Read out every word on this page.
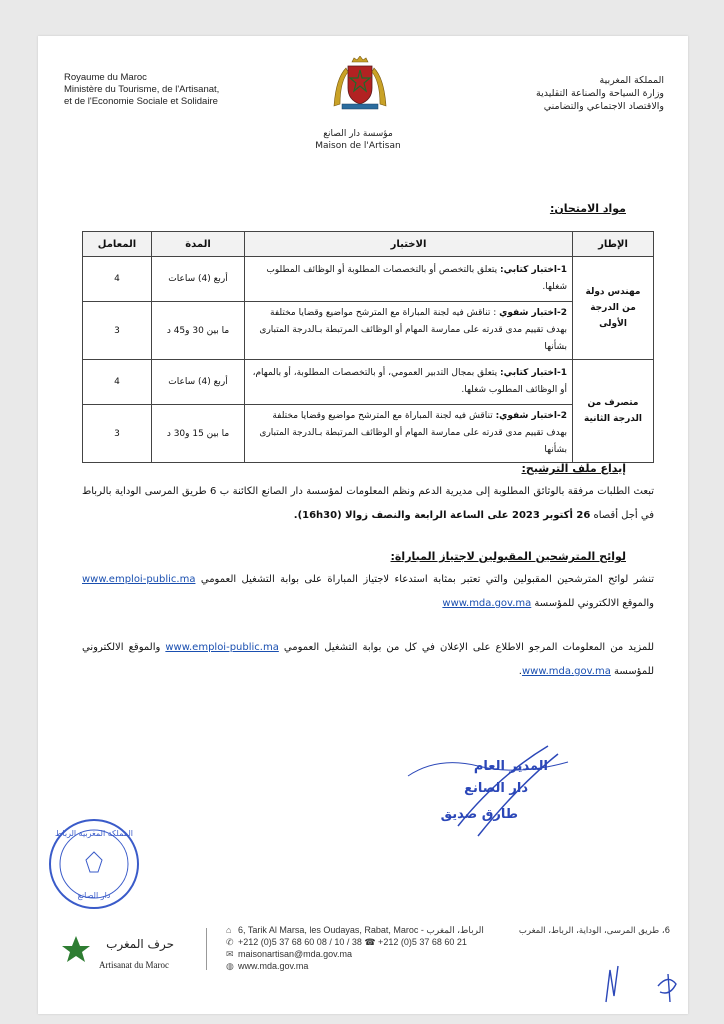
Royaume du Maroc
Ministère du Tourisme, de l'Artisanat,
et de l'Economie Sociale et Solidaire
المملكة المغربية
وزارة السياحة والصناعة التقليدية
والاقتصاد الاجتماعي والتضامني
مؤسسة دار الصانع
Maison de l'Artisan
مواد الامتحان:
الإطار	الاختبار	المدة	المعامل
مهندس دولة من الدرجة الأولى	1-اختبار كتابي: يتعلق بالتخصص أو بالتخصصات المطلوبة أو الوظائف المطلوب شغلها.	أربع (4) ساعات	4
	2-اختبار شفوي : تناقش فيه لجنة المباراة مع المترشح مواضيع وقضايا مختلفة بهدف تقييم مدى قدرته على ممارسة المهام أو الوظائف المرتبطة بـالدرجة المتبارى بشأنها	ما بين 30 و45 د	3
متصرف من الدرجة الثانية	1-اختبار كتابي: يتعلق بمجال التدبير العمومي، أو بالتخصصات المطلوبة، أو بالمهام، أو الوظائف المطلوب شغلها.	أربع (4) ساعات	4
	2-اختبار شفوي: تناقش فيه لجنة المباراة مع المترشح مواضيع وقضايا مختلفة بهدف تقييم مدى قدرته على ممارسة المهام أو الوظائف المرتبطة بـالدرجة المتبارى بشأنها	ما بين 15 و30 د	3
إيداع ملف الترشيح:
تبعث الطلبات مرفقة بالوثائق المطلوبة إلى مديرية الدعم ونظم المعلومات لمؤسسة دار الصانع الكائنة ب 6 طريق المرسى الوداية بالرباط في أجل أقصاه 26 أكتوبر 2023 على الساعة الرابعة والنصف زوالا (16h30).
لوائح المترشحين المقبولين لاجتياز المباراة:
تنشر لوائح المترشحين المقبولين والتي تعتبر بمثابة استدعاء لاجتياز المباراة على بوابة التشغيل العمومي www.emploi-public.ma والموقع الالكتروني للمؤسسة www.mda.gov.ma
للمزيد من المعلومات المرجو الاطلاع على الإعلان في كل من بوابة التشغيل العمومي www.emploi-public.ma والموقع الالكتروني للمؤسسة www.mda.gov.ma.
المدير العام
دار الصانع
طارق صديق
المملكة المغربية الرباط
دار الصانع
حرف المغرب
Artisanat du Maroc
⌂ 6, Tarik Al Marsa, les Oudayas, Rabat, Maroc - الرباط، المغرب
✆ +212 (0)5 37 68 60 08 / 10 / 38 ☎ +212 (0)5 37 68 60 21
✉ maisonartisan@mda.gov.ma
◍ www.mda.gov.ma
6، طريق المرسى، الوداية، الرباط، المغرب
